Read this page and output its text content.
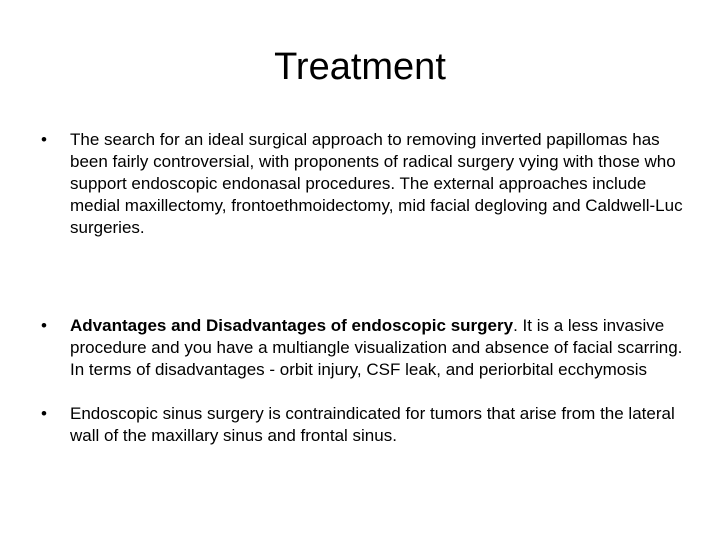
Treatment

• The search for an ideal surgical approach to removing inverted papillomas has been fairly controversial, with proponents of radical surgery vying with those who support endoscopic endonasal procedures. The external approaches include medial maxillectomy, frontoethmoidectomy, mid facial degloving and Caldwell-Luc surgeries.

• Advantages and Disadvantages of endoscopic surgery. It is a less invasive procedure and you have a multiangle visualization and absence of facial scarring. In terms of disadvantages - orbit injury, CSF leak, and periorbital ecchymosis

• Endoscopic sinus surgery is contraindicated for tumors that arise from the lateral wall of the maxillary sinus and frontal sinus.
